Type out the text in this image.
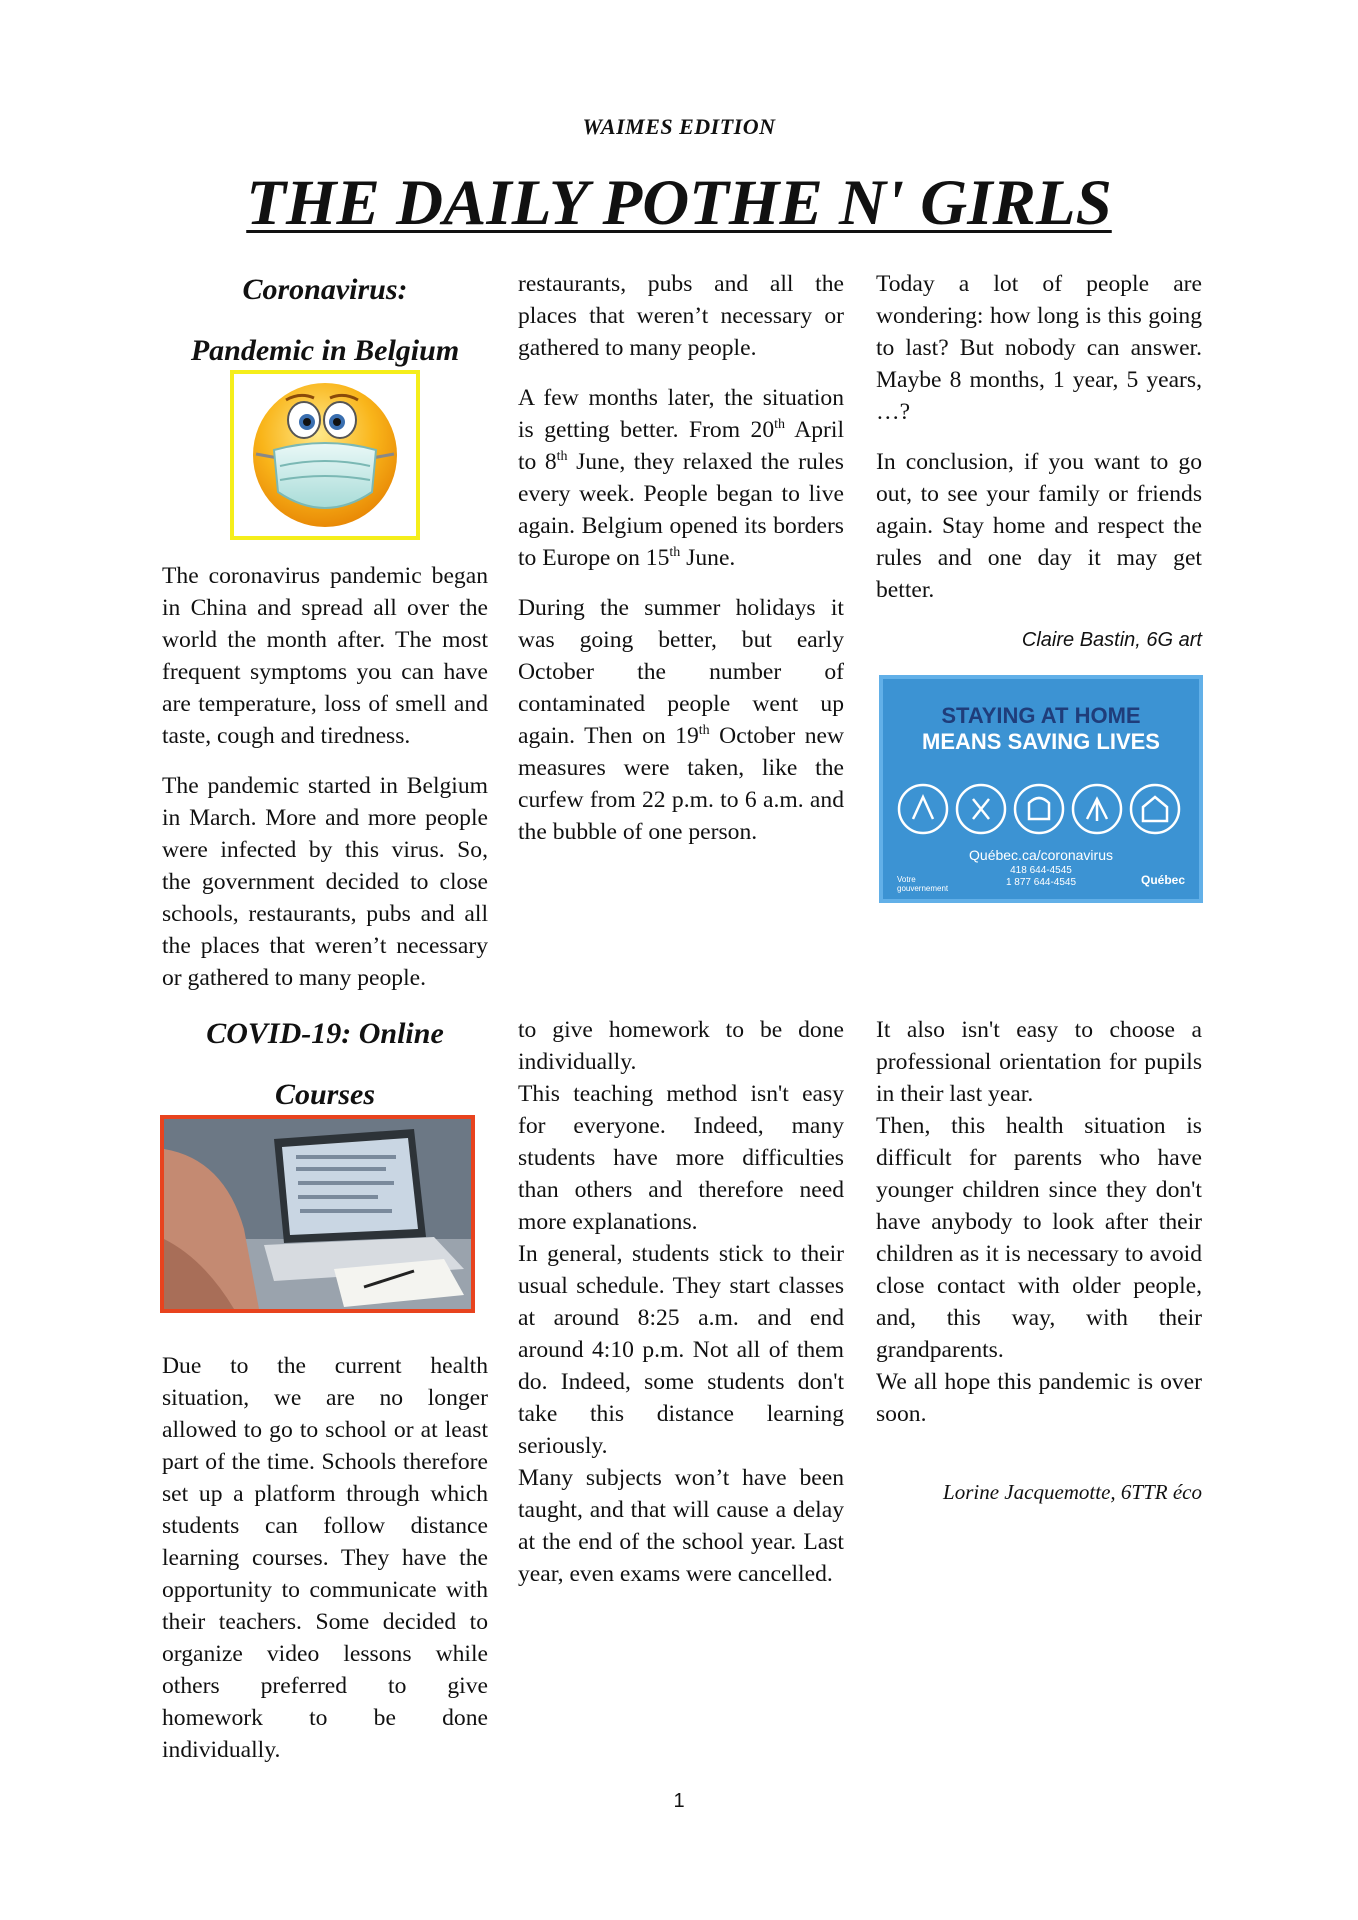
WAIMES EDITION
THE DAILY POTHE N' GIRLS

Coronavirus:

Pandemic in Belgium

The coronavirus pandemic began in China and spread all over the world the month after. The most frequent symptoms you can have are temperature, loss of smell and taste, cough and tiredness.

The pandemic started in Belgium in March. More and more people were infected by this virus. So, the government decided to close schools, restaurants, pubs and all the places that weren’t necessary or gathered to many people.

restaurants, pubs and all the places that weren’t necessary or gathered to many people.

A few months later, the situation is getting better. From 20th April to 8th June, they relaxed the rules every week. People began to live again. Belgium opened its borders to Europe on 15th June.

During the summer holidays it was going better, but early October the number of contaminated people went up again. Then on 19th October new measures were taken, like the curfew from 22 p.m. to 6 a.m. and the bubble of one person.

Today a lot of people are wondering: how long is this going to last? But nobody can answer. Maybe 8 months, 1 year, 5 years, …?

In conclusion, if you want to go out, to see your family or friends again. Stay home and respect the rules and one day it may get better.

Claire Bastin, 6G art

STAYING AT HOME
MEANS SAVING LIVES
Québec.ca/coronavirus
418 644-4545
1 877 644-4545
Votre gouvernement
Québec

COVID-19: Online

Courses

Due to the current health situation, we are no longer allowed to go to school or at least part of the time. Schools therefore set up a platform through which students can follow distance learning courses. They have the opportunity to communicate with their teachers. Some decided to organize video lessons while others preferred to give homework to be done individually.

to give homework to be done individually.

This teaching method isn't easy for everyone. Indeed, many students have more difficulties than others and therefore need more explanations.

In general, students stick to their usual schedule. They start classes at around 8:25 a.m. and end around 4:10 p.m. Not all of them do. Indeed, some students don't take this distance learning seriously.

Many subjects won’t have been taught, and that will cause a delay at the end of the school year. Last year, even exams were cancelled.

It also isn't easy to choose a professional orientation for pupils in their last year.

Then, this health situation is difficult for parents who have younger children since they don't have anybody to look after their children as it is necessary to avoid close contact with older people, and, this way, with their grandparents.

We all hope this pandemic is over soon.

Lorine Jacquemotte, 6TTR éco

1
